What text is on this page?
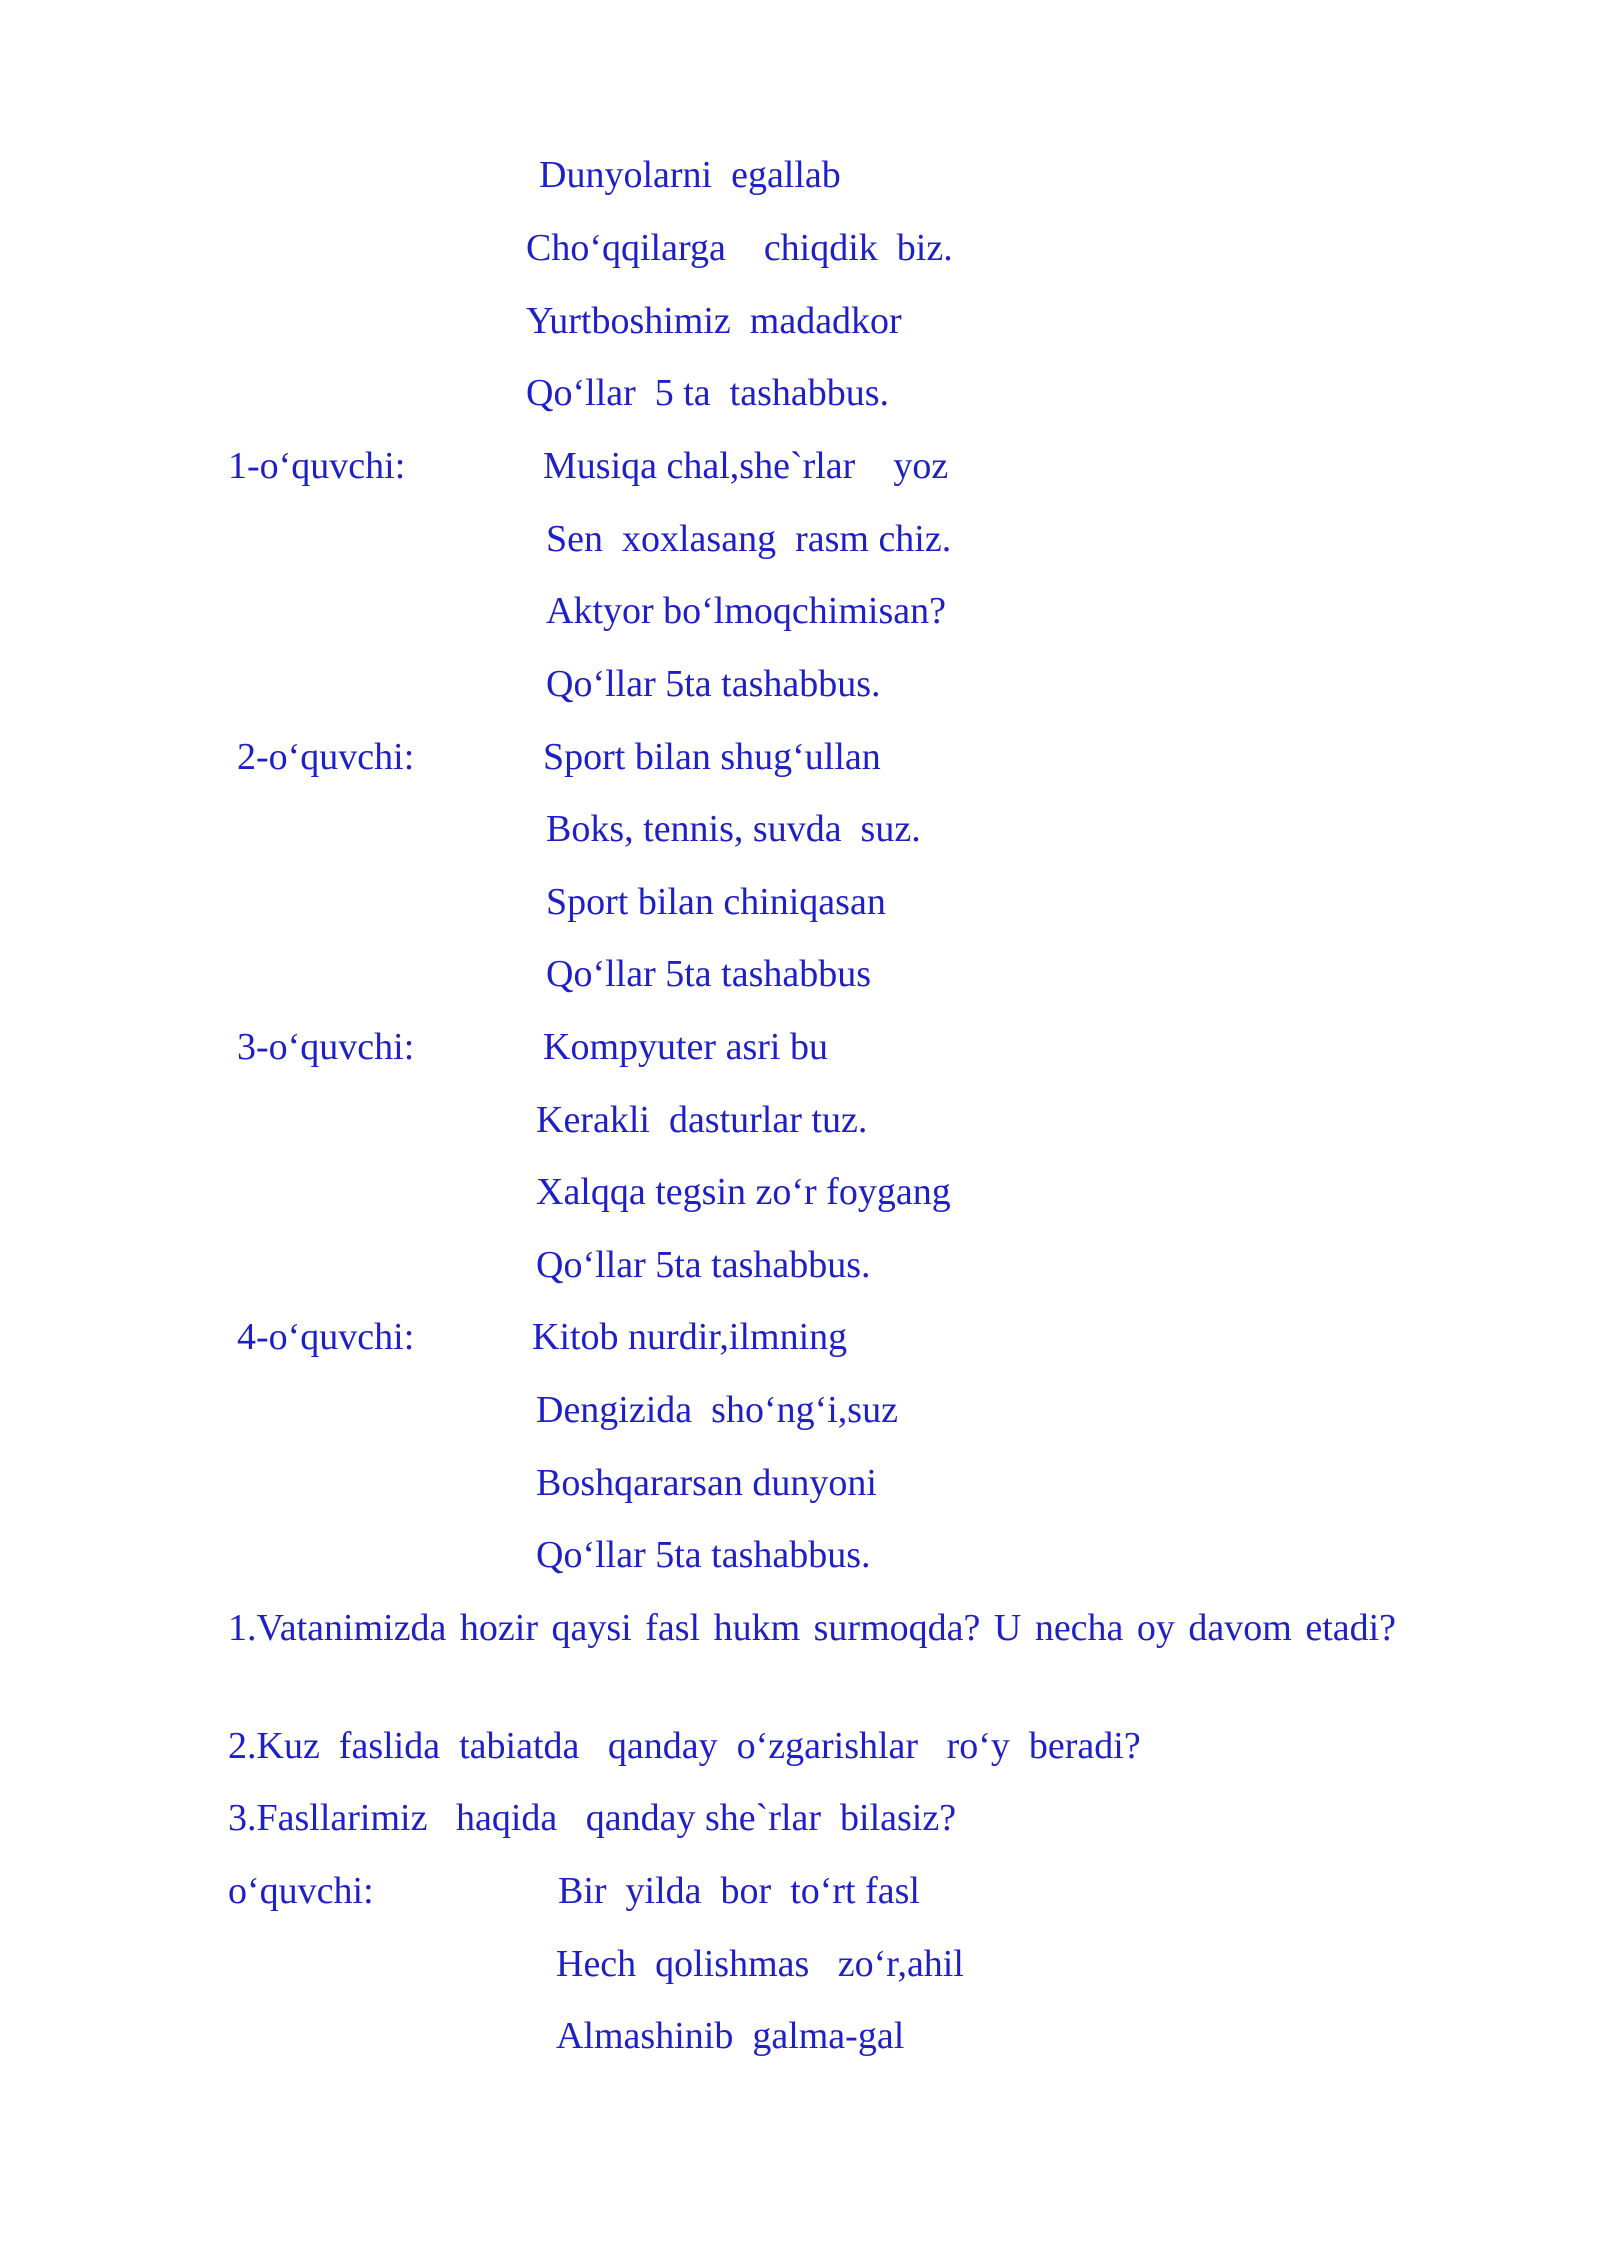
Dunyolarni  egallab

Cho‘qqilarga    chiqdik  biz.

Yurtboshimiz  madadkor

Qo‘llar  5 ta  tashabbus.

1-o‘quvchi:	Musiqa chal,she`rlar    yoz

Sen  xoxlasang  rasm chiz.

Aktyor bo‘lmoqchimisan?

Qo‘llar 5ta tashabbus.

2-o‘quvchi:	Sport bilan shug‘ullan

Boks, tennis, suvda  suz.

Sport bilan chiniqasan

Qo‘llar 5ta tashabbus

3-o‘quvchi:	Kompyuter asri bu

Kerakli  dasturlar tuz.

Xalqqa tegsin zo‘r foygang

Qo‘llar 5ta tashabbus.

4-o‘quvchi:	Kitob nurdir,ilmning

Dengizida  sho‘ng‘i,suz

Boshqararsan dunyoni

Qo‘llar 5ta tashabbus.

1.Vatanimizda hozir qaysi fasl hukm surmoqda? U necha oy davom etadi?

2.Kuz  faslida  tabiatda   qanday  o‘zgarishlar   ro‘y  beradi?

3.Fasllarimiz   haqida   qanday she`rlar  bilasiz?

o‘quvchi:	Bir  yilda  bor  to‘rt fasl

Hech  qolishmas   zo‘r,ahil

Almashinib  galma-gal
